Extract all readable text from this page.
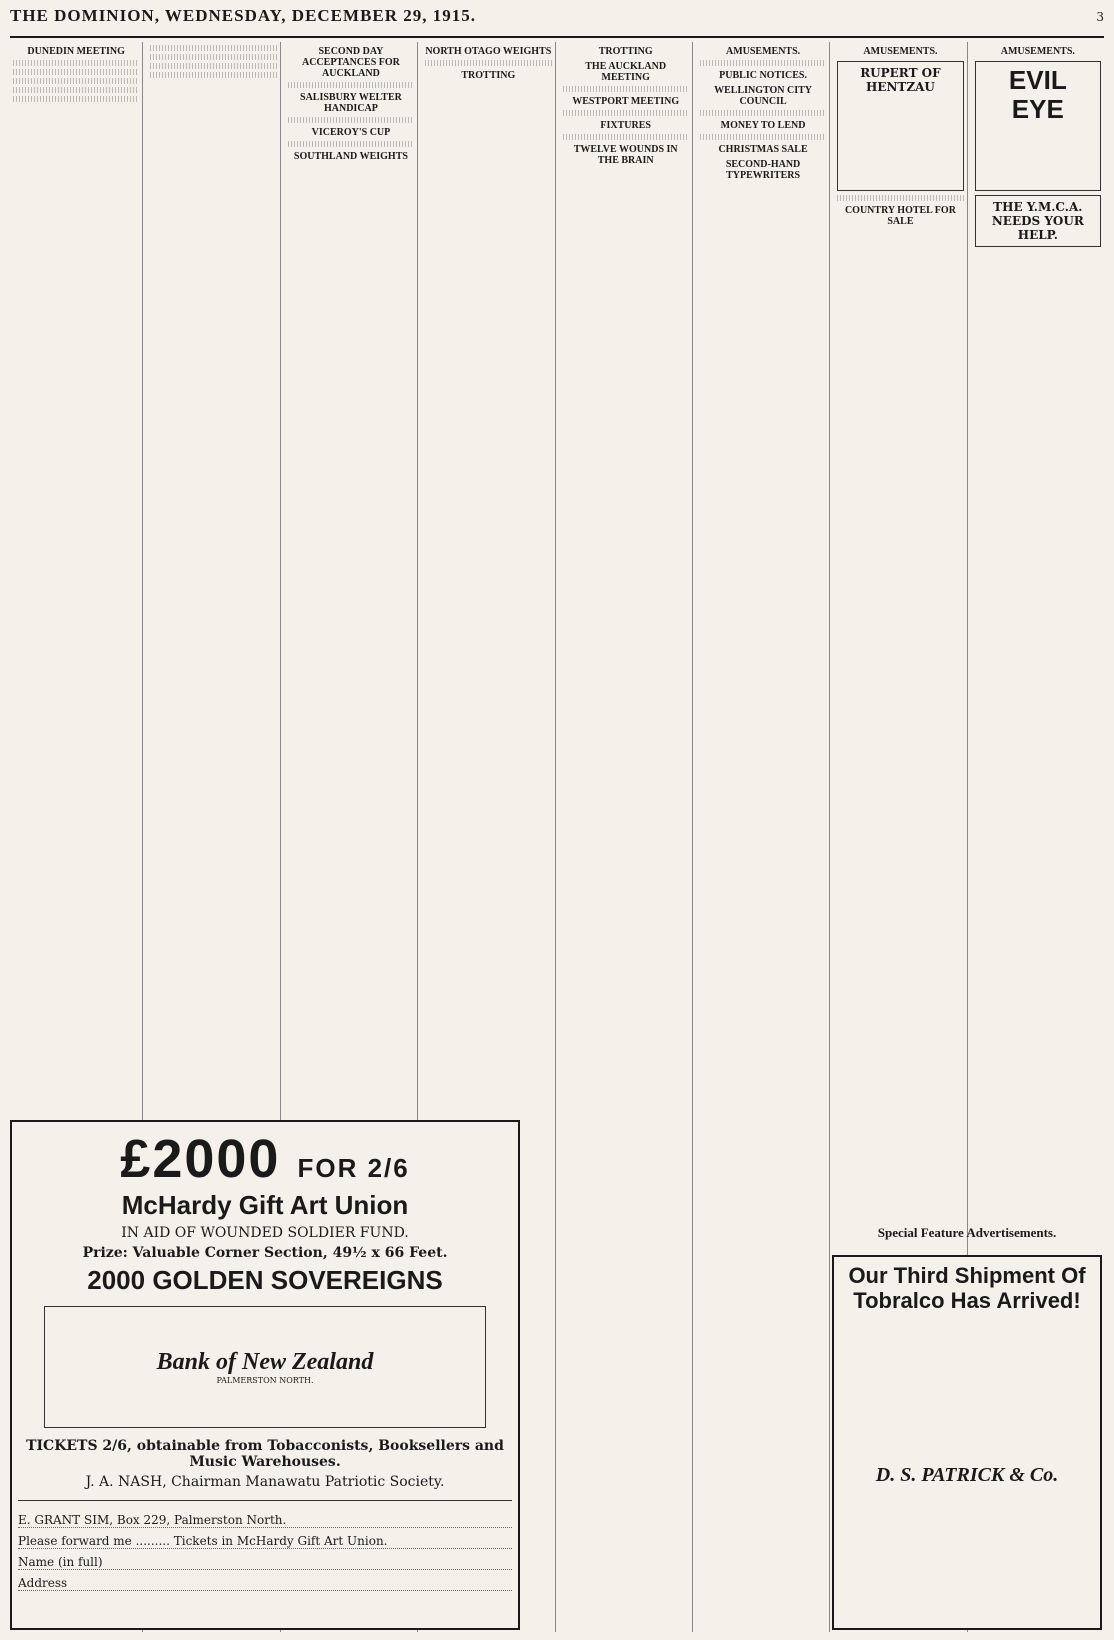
THE DOMINION, WEDNESDAY, DECEMBER 29, 1915.	3
DUNEDIN MEETING	SECOND DAY ACCEPTANCES FOR AUCKLAND
SALISBURY WELTER HANDICAP
VICEROY'S CUP
SOUTHLAND WEIGHTS
NORTH OTAGO WEIGHTS
TROTTING
TROTTING
THE AUCKLAND MEETING
WESTPORT MEETING
FIXTURES
TWELVE WOUNDS IN THE BRAIN
AMUSEMENTS.
PUBLIC NOTICES.
WELLINGTON CITY COUNCIL
MONEY TO LEND
CHRISTMAS SALE
SECOND-HAND TYPEWRITERS
AMUSEMENTS.
RUPERT OF HENTZAU
COUNTRY HOTEL FOR SALE
AMUSEMENTS.
EVIL EYE
THE Y.M.C.A. NEEDS YOUR HELP.
£2000 FOR 2/6
McHardy Gift Art Union
IN AID OF WOUNDED SOLDIER FUND.
Prize: Valuable Corner Section, 49½ x 66 Feet.
2000 GOLDEN SOVEREIGNS
Bank of New Zealand
PALMERSTON NORTH.
TICKETS 2/6, obtainable from Tobacconists, Booksellers and Music Warehouses.
J. A. NASH, Chairman Manawatu Patriotic Society.
E. GRANT SIM, Box 229, Palmerston North.
Please forward me ......... Tickets in McHardy Gift Art Union.
Name (in full)
Address
Special Feature Advertisements.
Our Third Shipment Of Tobralco Has Arrived!
D. S. PATRICK & Co.
